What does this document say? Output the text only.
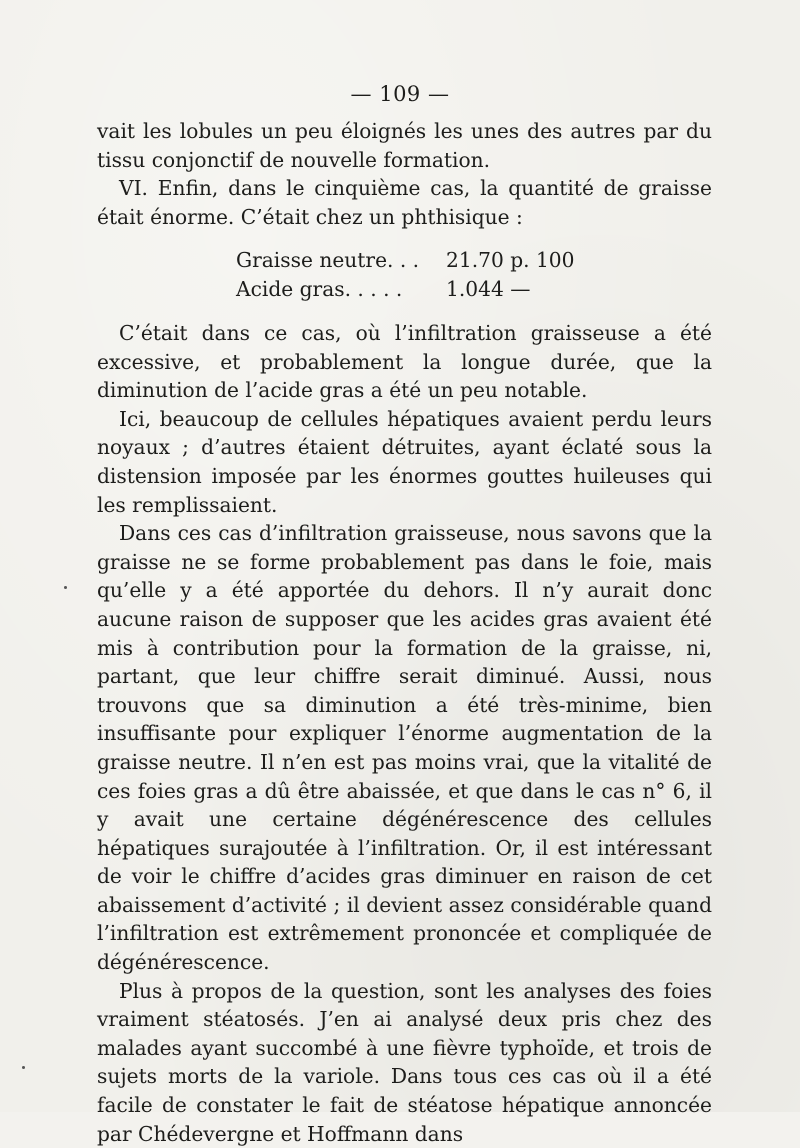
— 109 —

vait les lobules un peu éloignés les unes des autres par du tissu conjonctif de nouvelle formation.

VI. Enfin, dans le cinquième cas, la quantité de graisse était énorme. C’était chez un phthisique :

Graisse neutre. . . 21.70 p. 100
Acide gras. . . . . 1.044 —

C’était dans ce cas, où l’infiltration graisseuse a été excessive, et probablement la longue durée, que la diminution de l’acide gras a été un peu notable.

Ici, beaucoup de cellules hépatiques avaient perdu leurs noyaux ; d’autres étaient détruites, ayant éclaté sous la distension imposée par les énormes gouttes huileuses qui les remplissaient.

Dans ces cas d’infiltration graisseuse, nous savons que la graisse ne se forme probablement pas dans le foie, mais qu’elle y a été apportée du dehors. Il n’y aurait donc aucune raison de supposer que les acides gras avaient été mis à contribution pour la formation de la graisse, ni, partant, que leur chiffre serait diminué. Aussi, nous trouvons que sa diminution a été très-minime, bien insuffisante pour expliquer l’énorme augmentation de la graisse neutre. Il n’en est pas moins vrai, que la vitalité de ces foies gras a dû être abaissée, et que dans le cas n° 6, il y avait une certaine dégénérescence des cellules hépatiques surajoutée à l’infiltration. Or, il est intéressant de voir le chiffre d’acides gras diminuer en raison de cet abaissement d’activité ; il devient assez considérable quand l’infiltration est extrêmement prononcée et compliquée de dégénérescence.

Plus à propos de la question, sont les analyses des foies vraiment stéatosés. J’en ai analysé deux pris chez des malades ayant succombé à une fièvre typhoïde, et trois de sujets morts de la variole. Dans tous ces cas où il a été facile de constater le fait de stéatose hépatique annoncée par Chédevergne et Hoffmann dans
